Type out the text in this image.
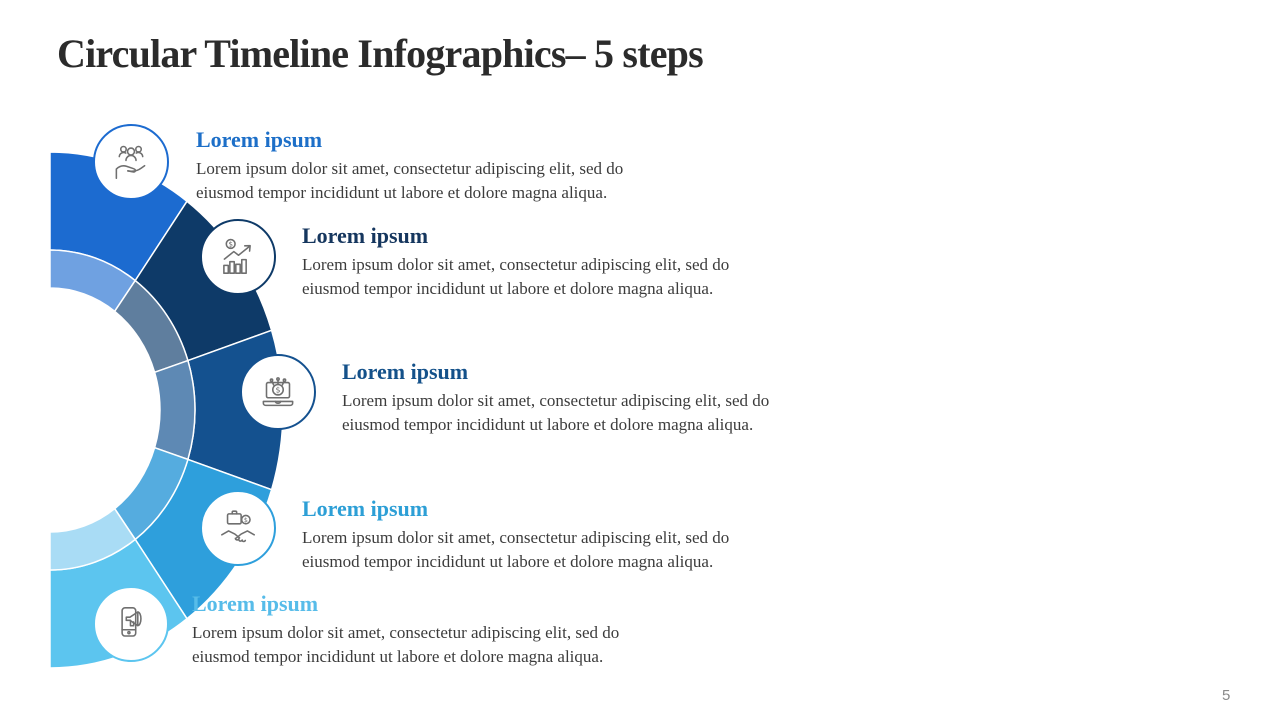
Circular Timeline Infographics– 5 steps
$
$
$
Lorem ipsum
Lorem ipsum dolor sit amet, consectetur adipiscing elit, sed do
eiusmod tempor incididunt ut labore et dolore magna aliqua.
Lorem ipsum
Lorem ipsum dolor sit amet, consectetur adipiscing elit, sed do
eiusmod tempor incididunt ut labore et dolore magna aliqua.
Lorem ipsum
Lorem ipsum dolor sit amet, consectetur adipiscing elit, sed do
eiusmod tempor incididunt ut labore et dolore magna aliqua.
Lorem ipsum
Lorem ipsum dolor sit amet, consectetur adipiscing elit, sed do
eiusmod tempor incididunt ut labore et dolore magna aliqua.
Lorem ipsum
Lorem ipsum dolor sit amet, consectetur adipiscing elit, sed do
eiusmod tempor incididunt ut labore et dolore magna aliqua.
5
